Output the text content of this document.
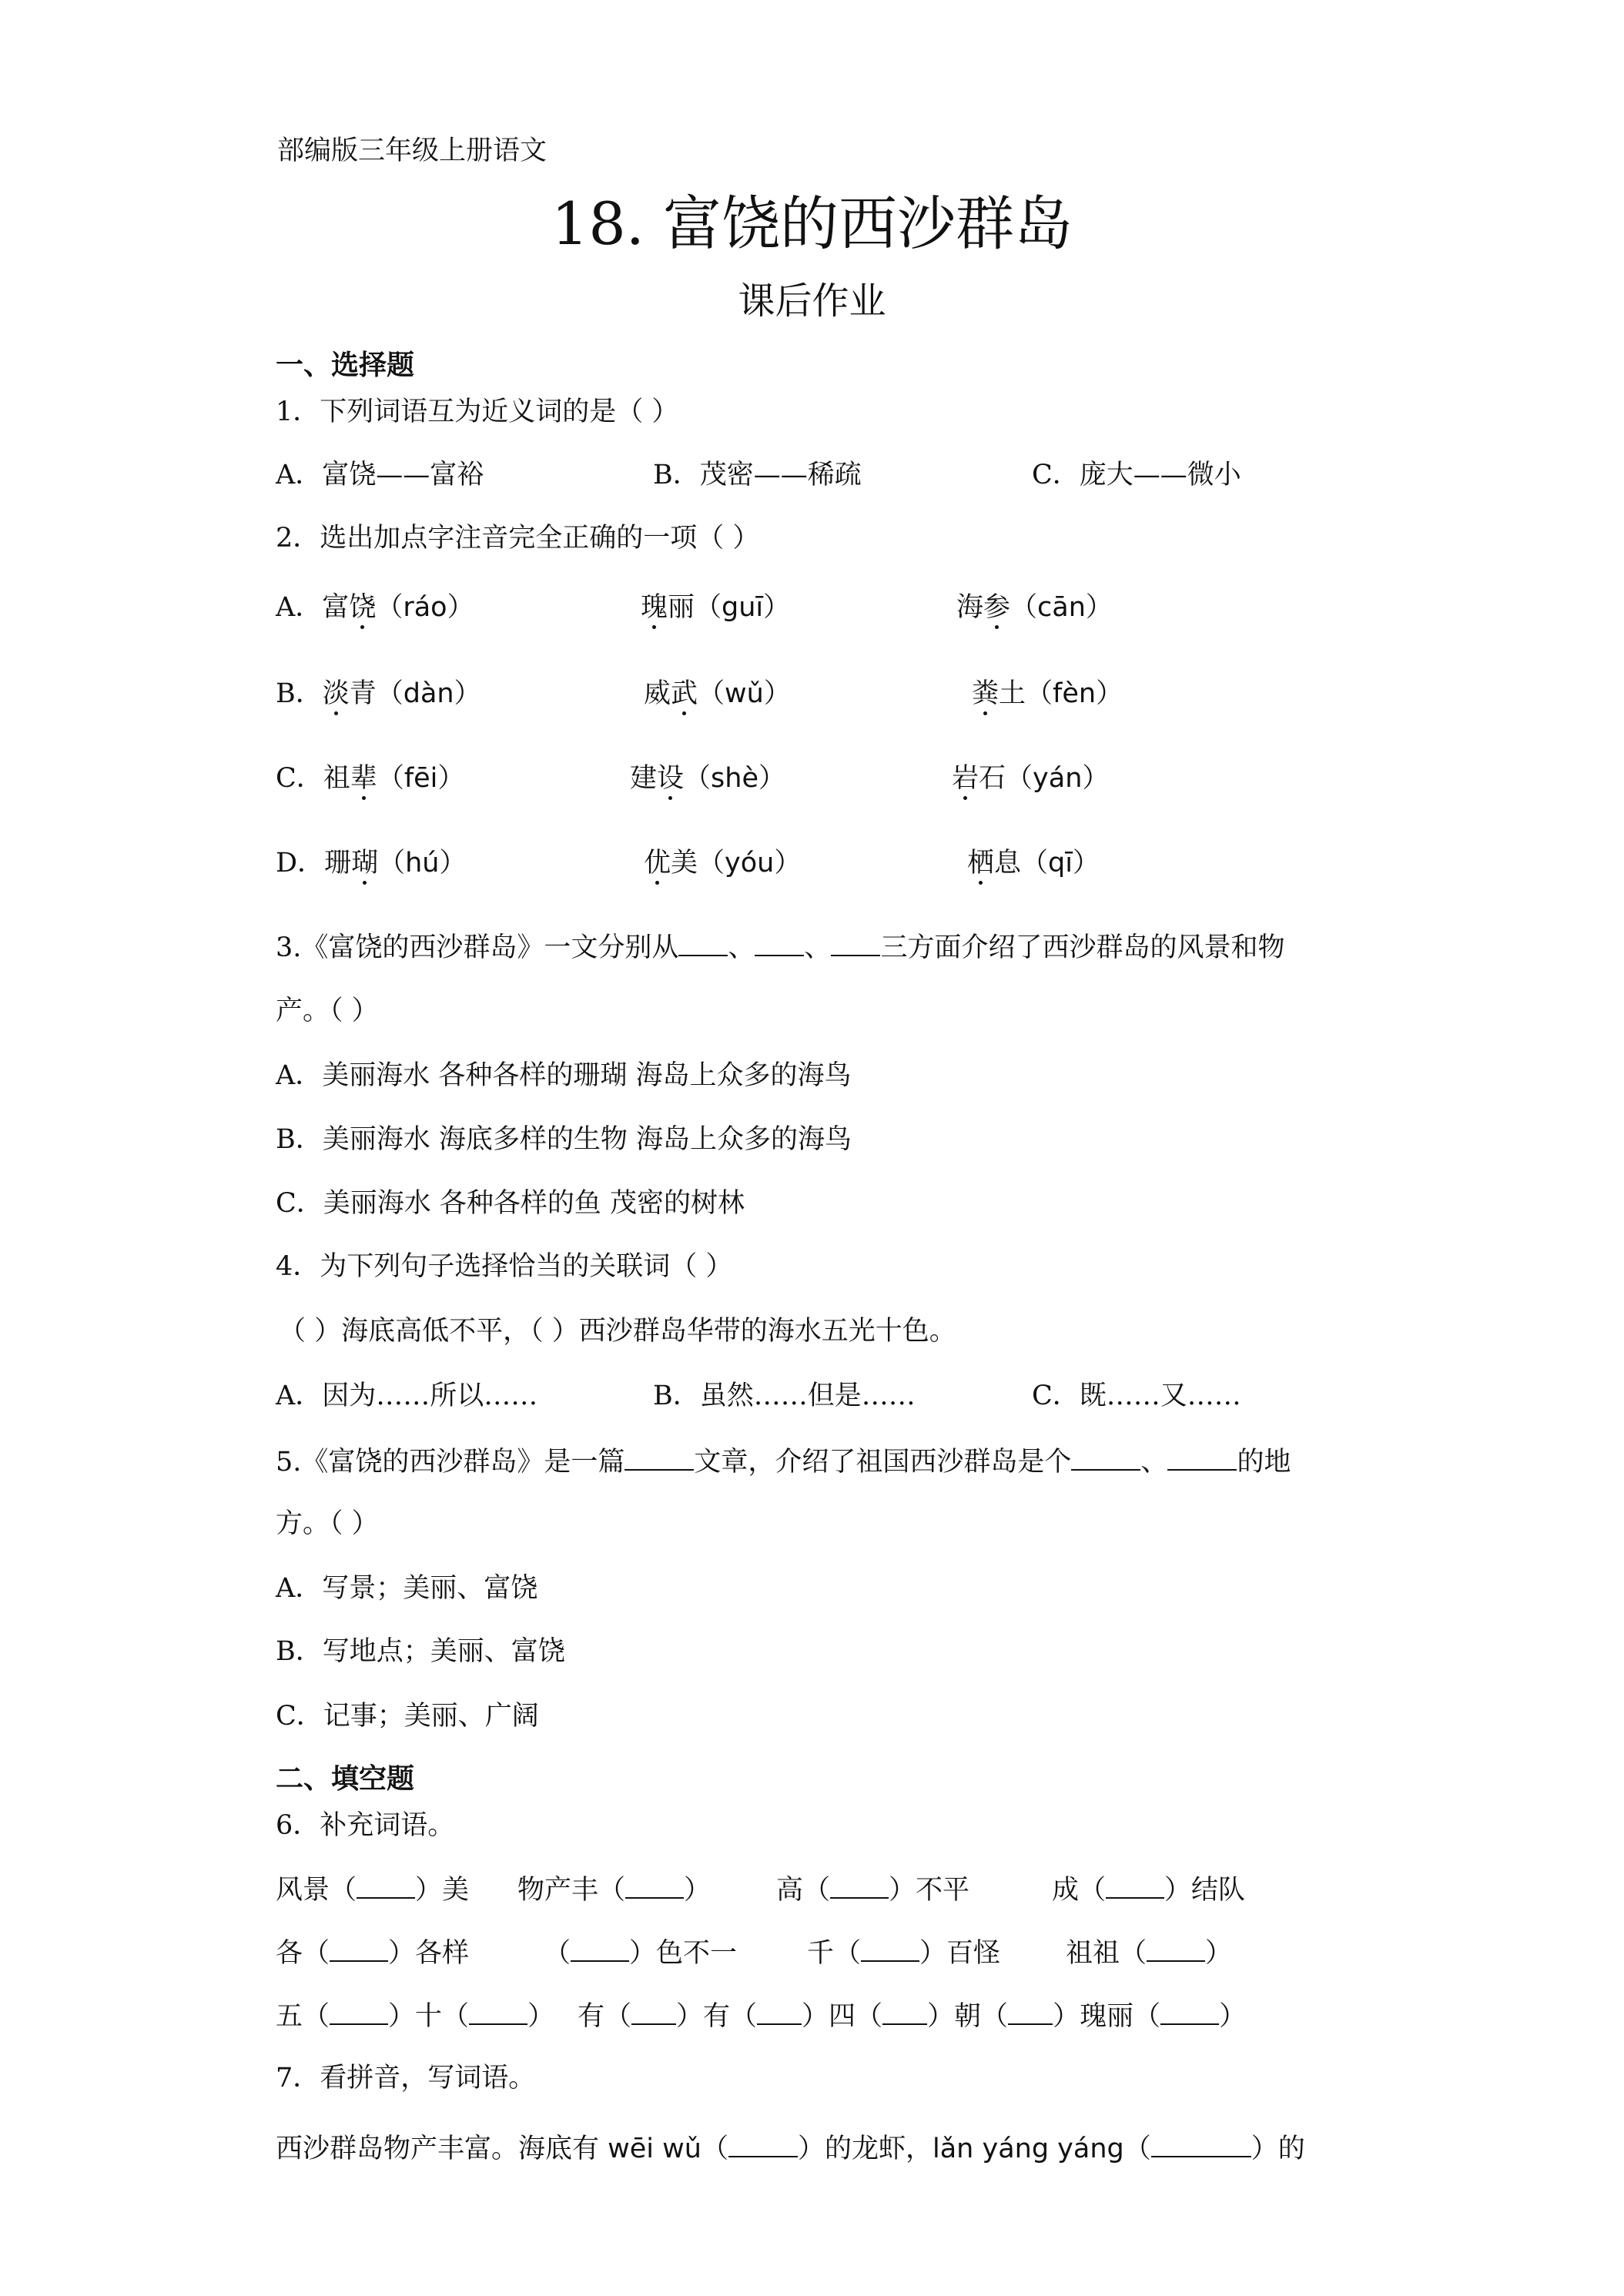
部编版三年级上册语文
18. 富饶的西沙群岛
课后作业
一、选择题
1．下列词语互为近义词的是（ ）
A．富饶——富裕	B．茂密——稀疏	C．庞大——微小
2．选出加点字注音完全正确的一项（ ）
A．富饶（ráo）	瑰丽（guī）	海参（cān）
B．淡青（dàn）	威武（wǔ）	粪土（fèn）
C．祖辈（fēi）	建设（shè）	岩石（yán）
D．珊瑚（hú）	优美（yóu）	栖息（qī）
3.《富饶的西沙群岛》一文分别从 、 、 三方面介绍了西沙群岛的风景和物
产。（ ）
A．美丽海水 各种各样的珊瑚 海岛上众多的海鸟
B．美丽海水 海底多样的生物 海岛上众多的海鸟
C．美丽海水 各种各样的鱼 茂密的树林
4．为下列句子选择恰当的关联词（ ）
（ ）海底高低不平，（ ）西沙群岛华带的海水五光十色。
A．因为……所以……	B．虽然……但是……	C．既……又……
5.《富饶的西沙群岛》是一篇	文章，介绍了祖国西沙群岛是个	、	的地
方。（ ）
A．写景；美丽、富饶
B．写地点；美丽、富饶
C．记事；美丽、广阔
二、填空题
6．补充词语。
风景（ ）美 物产丰（ ） 高（ ）不平	成（ ）结队
各（ ）各样	（ ）色不一	千（ ）百怪 祖祖（ ）
五（ ）十（ ） 有（ ）有（ ）四（ ）朝（ ）瑰丽（ ）
7．看拼音，写词语。
西沙群岛物产丰富。海底有 wēi wǔ（	）的龙虾，lǎn yáng yáng（	）的
